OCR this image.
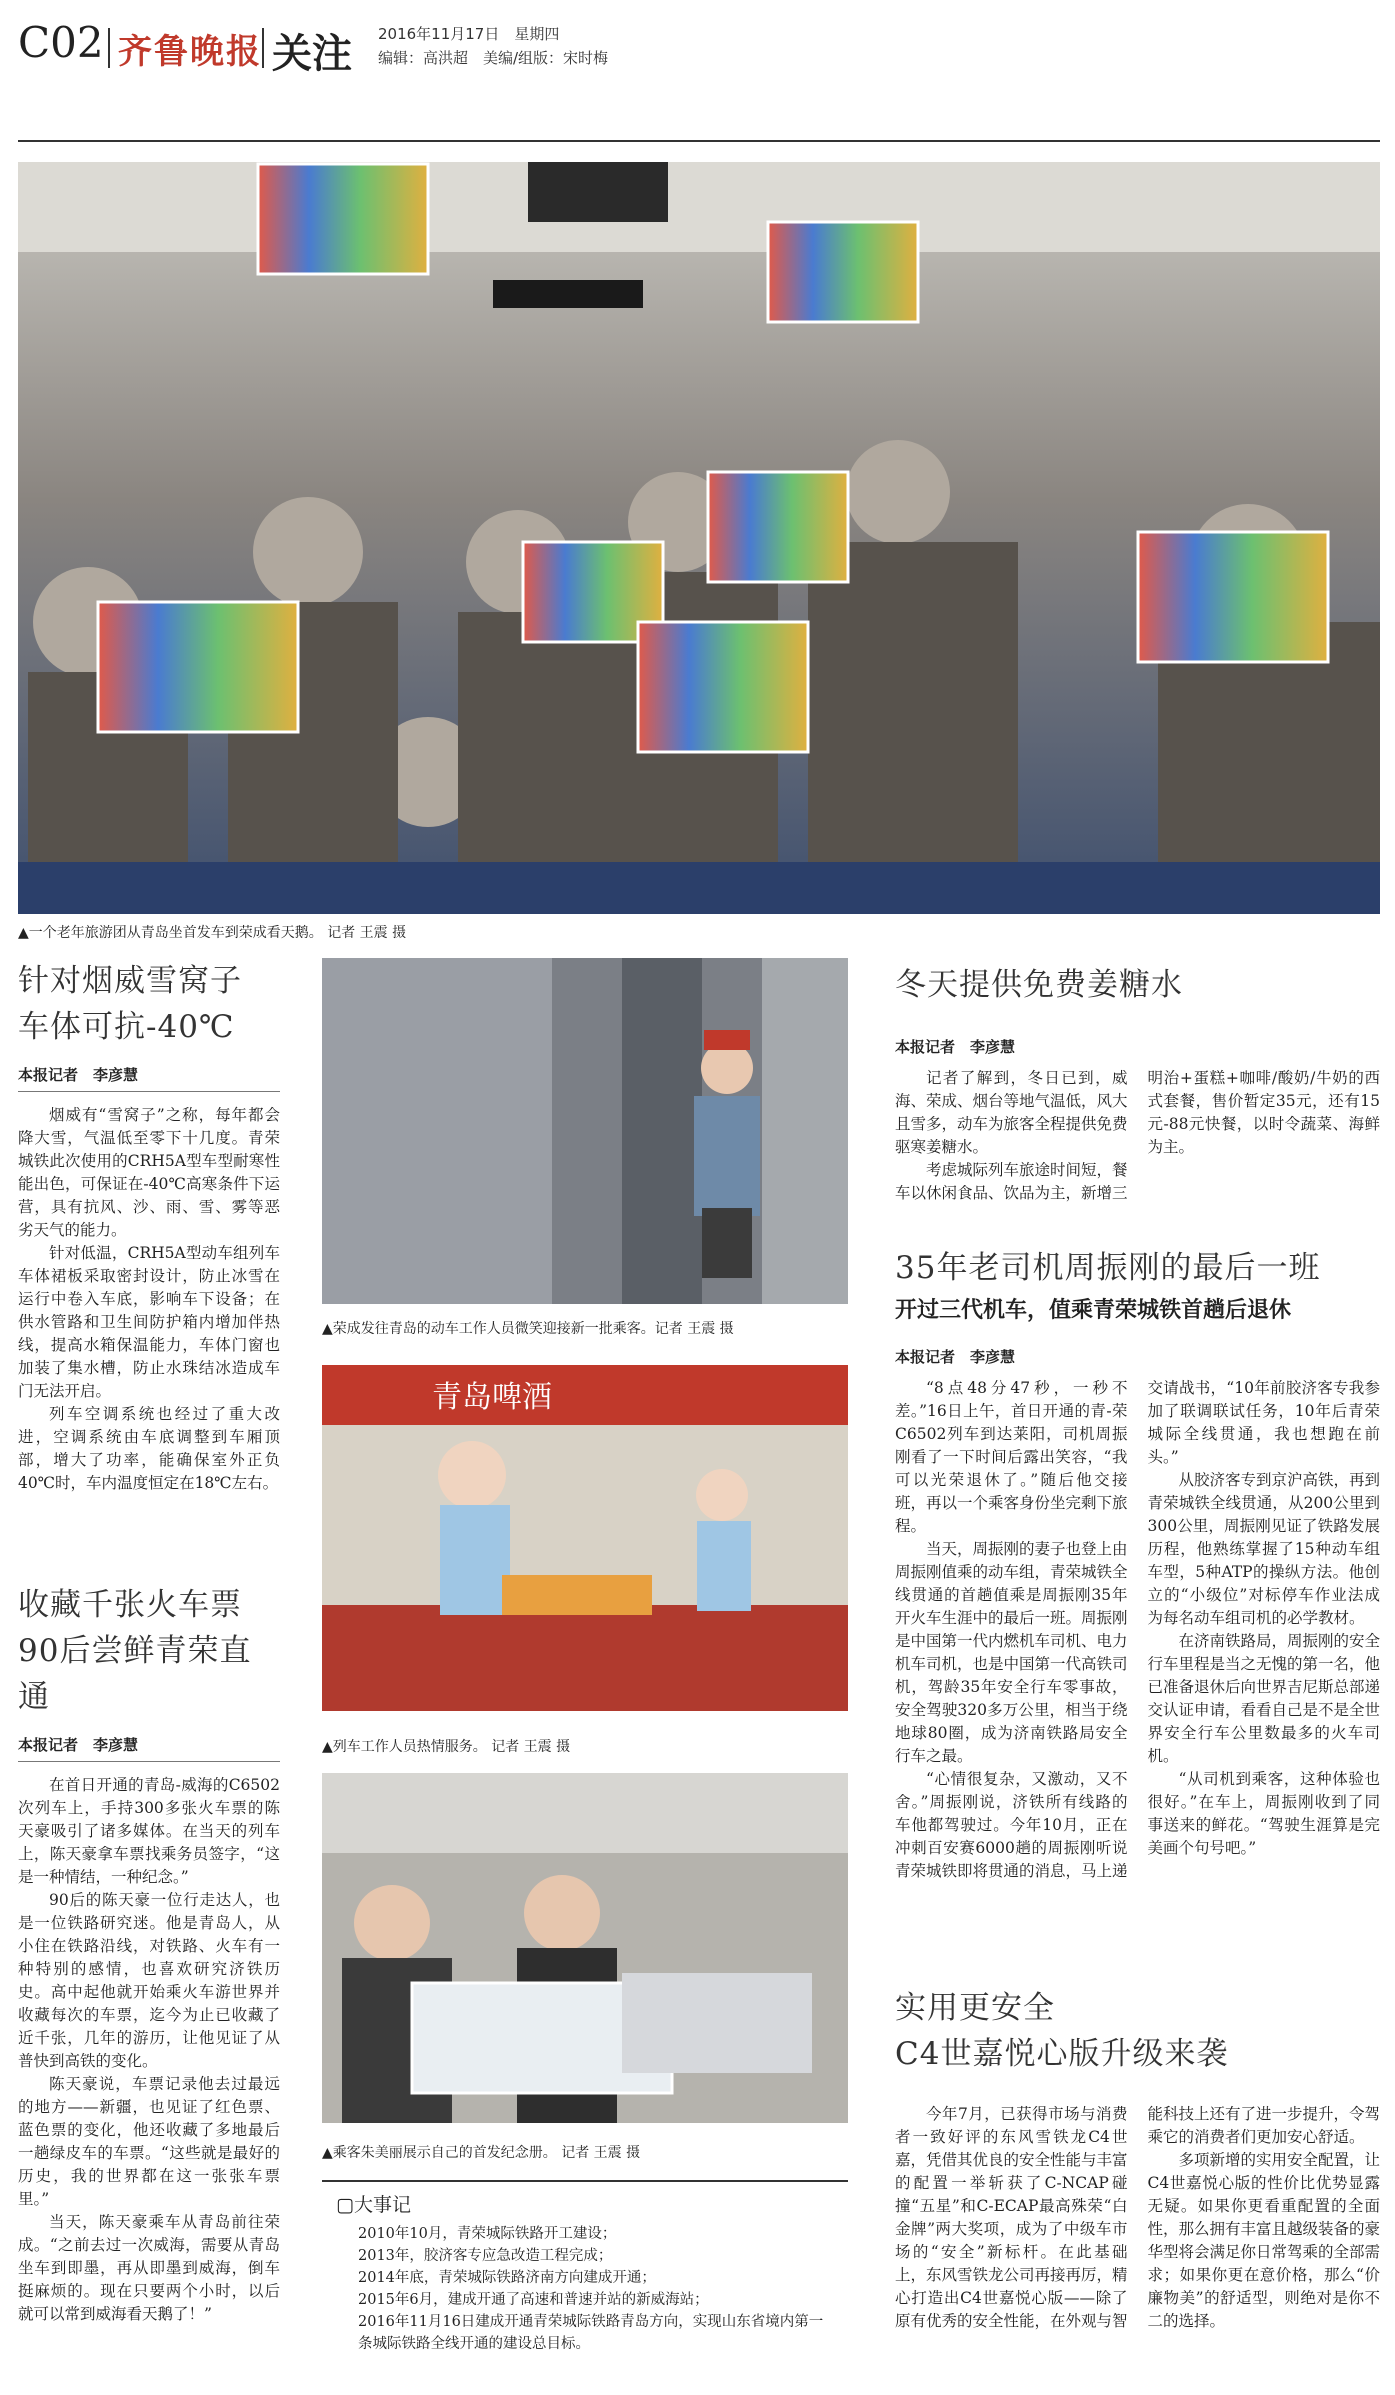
C02 齐鲁晚报 关注 2016年11月17日　星期四
编辑：高洪超　美编/组版：宋时梅
▲一个老年旅游团从青岛坐首发车到荣成看天鹅。 记者 王震 摄
针对烟威雪窝子
车体可抗-40℃
本报记者　李彦慧

烟威有“雪窝子”之称，每年都会降大雪，气温低至零下十几度。青荣城铁此次使用的CRH5A型车型耐寒性能出色，可保证在-40℃高寒条件下运营，具有抗风、沙、雨、雪、雾等恶劣天气的能力。

针对低温，CRH5A型动车组列车车体裙板采取密封设计，防止冰雪在运行中卷入车底，影响车下设备；在供水管路和卫生间防护箱内增加伴热线，提高水箱保温能力，车体门窗也加装了集水槽，防止水珠结冰造成车门无法开启。

列车空调系统也经过了重大改进，空调系统由车底调整到车厢顶部，增大了功率，能确保室外正负40℃时，车内温度恒定在18℃左右。

收藏千张火车票
90后尝鲜青荣直通
本报记者　李彦慧

在首日开通的青岛-威海的C6502次列车上，手持300多张火车票的陈天豪吸引了诸多媒体。在当天的列车上，陈天豪拿车票找乘务员签字，“这是一种情结，一种纪念。”

90后的陈天豪一位行走达人，也是一位铁路研究迷。他是青岛人，从小住在铁路沿线，对铁路、火车有一种特别的感情，也喜欢研究济铁历史。高中起他就开始乘火车游世界并收藏每次的车票，迄今为止已收藏了近千张，几年的游历，让他见证了从普快到高铁的变化。

陈天豪说，车票记录他去过最远的地方——新疆，也见证了红色票、蓝色票的变化，他还收藏了多地最后一趟绿皮车的车票。“这些就是最好的历史，我的世界都在这一张张车票里。”

当天，陈天豪乘车从青岛前往荣成。“之前去过一次威海，需要从青岛坐车到即墨，再从即墨到威海，倒车挺麻烦的。现在只要两个小时，以后就可以常到威海看天鹅了！”

▲荣成发往青岛的动车工作人员微笑迎接新一批乘客。记者 王震 摄
青岛啤酒
▲列车工作人员热情服务。 记者 王震 摄
▲乘客朱美丽展示自己的首发纪念册。 记者 王震 摄
▢大事记
2010年10月，青荣城际铁路开工建设；
2013年，胶济客专应急改造工程完成；
2014年底，青荣城际铁路济南方向建成开通；
2015年6月，建成开通了高速和普速并站的新威海站；
2016年11月16日建成开通青荣城际铁路青岛方向，实现山东省境内第一条城际铁路全线开通的建设总目标。
冬天提供免费姜糖水
本报记者　李彦慧

记者了解到，冬日已到，威海、荣成、烟台等地气温低，风大且雪多，动车为旅客全程提供免费驱寒姜糖水。

考虑城际列车旅途时间短，餐车以休闲食品、饮品为主，新增三明治+蛋糕+咖啡/酸奶/牛奶的西式套餐，售价暂定35元，还有15元-88元快餐，以时令蔬菜、海鲜为主。

35年老司机周振刚的最后一班
开过三代机车，值乘青荣城铁首趟后退休
本报记者　李彦慧

“8点48分47秒，一秒不差。”16日上午，首日开通的青-荣C6502列车到达莱阳，司机周振刚看了一下时间后露出笑容，“我可以光荣退休了。”随后他交接班，再以一个乘客身份坐完剩下旅程。

当天，周振刚的妻子也登上由周振刚值乘的动车组，青荣城铁全线贯通的首趟值乘是周振刚35年开火车生涯中的最后一班。周振刚是中国第一代内燃机车司机、电力机车司机，也是中国第一代高铁司机，驾龄35年安全行车零事故，安全驾驶320多万公里，相当于绕地球80圈，成为济南铁路局安全行车之最。

“心情很复杂，又激动，又不舍。”周振刚说，济铁所有线路的车他都驾驶过。今年10月，正在冲刺百安赛6000趟的周振刚听说青荣城铁即将贯通的消息，马上递交请战书，“10年前胶济客专我参加了联调联试任务，10年后青荣城际全线贯通，我也想跑在前头。”

从胶济客专到京沪高铁，再到青荣城铁全线贯通，从200公里到300公里，周振刚见证了铁路发展历程，他熟练掌握了15种动车组车型，5种ATP的操纵方法。他创立的“小级位”对标停车作业法成为每名动车组司机的必学教材。

在济南铁路局，周振刚的安全行车里程是当之无愧的第一名，他已准备退休后向世界吉尼斯总部递交认证申请，看看自己是不是全世界安全行车公里数最多的火车司机。

“从司机到乘客，这种体验也很好。”在车上，周振刚收到了同事送来的鲜花。“驾驶生涯算是完美画个句号吧。”

实用更安全
C4世嘉悦心版升级来袭

今年7月，已获得市场与消费者一致好评的东风雪铁龙C4世嘉，凭借其优良的安全性能与丰富的配置一举斩获了C-NCAP碰撞“五星”和C-ECAP最高殊荣“白金牌”两大奖项，成为了中级车市场的“安全”新标杆。在此基础上，东风雪铁龙公司再接再厉，精心打造出C4世嘉悦心版——除了原有优秀的安全性能，在外观与智能科技上还有了进一步提升，令驾乘它的消费者们更加安心舒适。

多项新增的实用安全配置，让C4世嘉悦心版的性价比优势显露无疑。如果你更看重配置的全面性，那么拥有丰富且越级装备的豪华型将会满足你日常驾乘的全部需求；如果你更在意价格，那么“价廉物美”的舒适型，则绝对是你不二的选择。
